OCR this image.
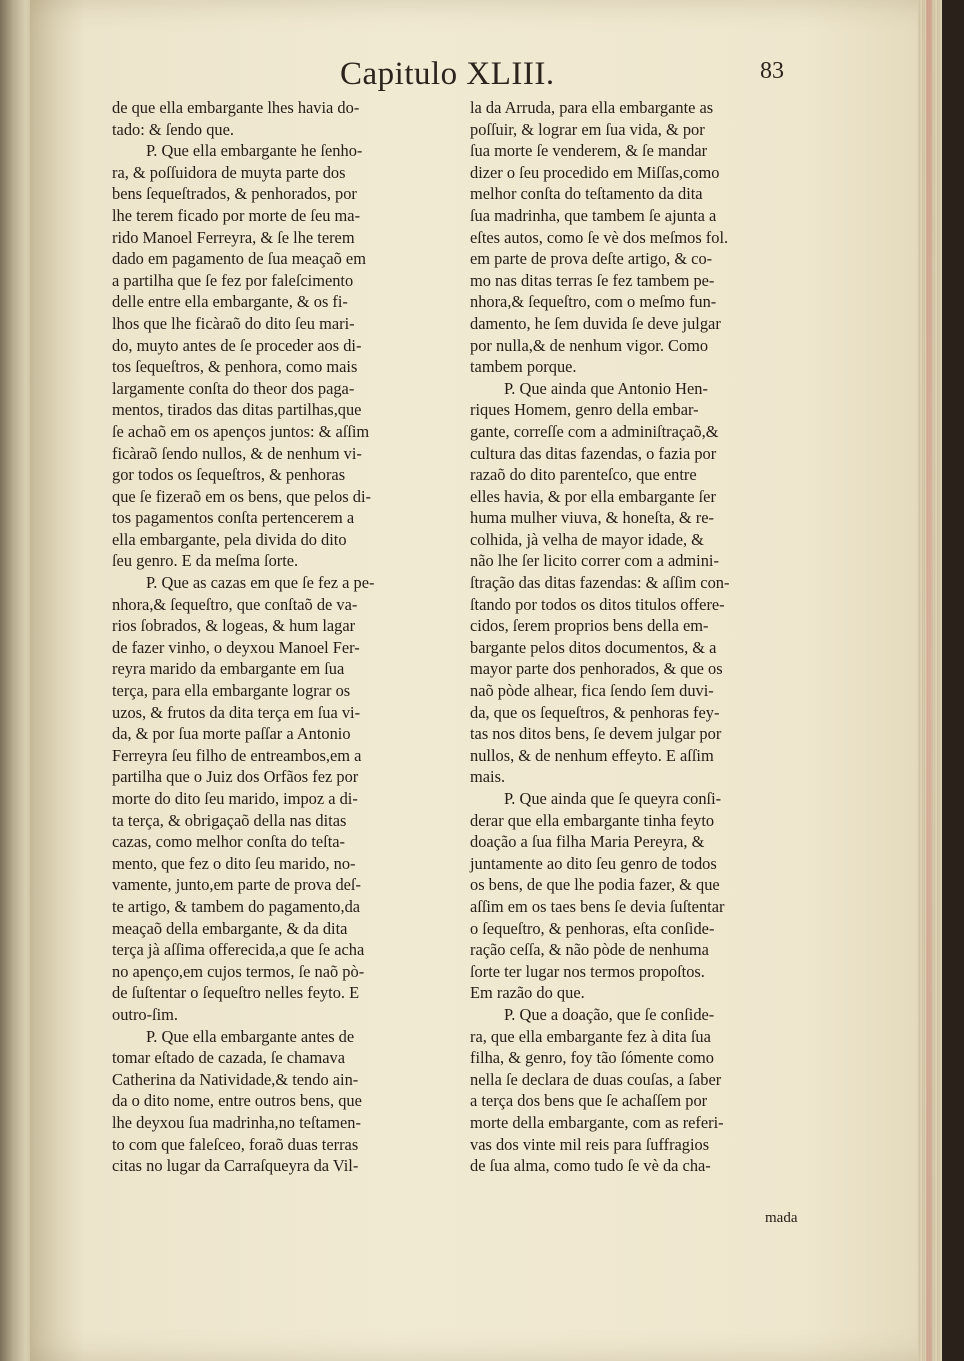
Capitulo XLIII.	83
de que ella embargante lhes havia do-
tado: & ſendo que.
P. Que ella embargante he ſenho-
ra, & poſſuidora de muyta parte dos
bens ſequeſtrados, & penhorados, por
lhe terem ficado por morte de ſeu ma-
rido Manoel Ferreyra, & ſe lhe terem
dado em pagamento de ſua meaçaõ em
a partilha que ſe fez por faleſcimento
delle entre ella embargante, & os fi-
lhos que lhe ficàraõ do dito ſeu mari-
do, muyto antes de ſe proceder aos di-
tos ſequeſtros, & penhora, como mais
largamente conſta do theor dos paga-
mentos, tirados das ditas partilhas,que
ſe achaõ em os apenços juntos: & aſſim
ficàraõ ſendo nullos, & de nenhum vi-
gor todos os ſequeſtros, & penhoras
que ſe fizeraõ em os bens, que pelos di-
tos pagamentos conſta pertencerem a
ella embargante, pela divida do dito
ſeu genro. E da meſma ſorte.
P. Que as cazas em que ſe fez a pe-
nhora,& ſequeſtro, que conſtaõ de va-
rios ſobrados, & logeas, & hum lagar
de fazer vinho, o deyxou Manoel Fer-
reyra marido da embargante em ſua
terça, para ella embargante lograr os
uzos, & frutos da dita terça em ſua vi-
da, & por ſua morte paſſar a Antonio
Ferreyra ſeu filho de entreambos,em a
partilha que o Juiz dos Orfãos fez por
morte do dito ſeu marido, impoz a di-
ta terça, & obrigaçaõ della nas ditas
cazas, como melhor conſta do teſta-
mento, que fez o dito ſeu marido, no-
vamente, junto,em parte de prova deſ-
te artigo, & tambem do pagamento,da
meaçaõ della embargante, & da dita
terça jà aſſima offerecida,a que ſe acha
no apenço,em cujos termos, ſe naõ pò-
de ſuſtentar o ſequeſtro nelles feyto. E
outro-ſim.
P. Que ella embargante antes de
tomar eſtado de cazada, ſe chamava
Catherina da Natividade,& tendo ain-
da o dito nome, entre outros bens, que
lhe deyxou ſua madrinha,no teſtamen-
to com que faleſceo, foraõ duas terras
citas no lugar da Carraſqueyra da Vil-
la da Arruda, para ella embargante as
poſſuir, & lograr em ſua vida, & por
ſua morte ſe venderem, & ſe mandar
dizer o ſeu procedido em Miſſas,como
melhor conſta do teſtamento da dita
ſua madrinha, que tambem ſe ajunta a
eſtes autos, como ſe vè dos meſmos fol.
em parte de prova deſte artigo, & co-
mo nas ditas terras ſe fez tambem pe-
nhora,& ſequeſtro, com o meſmo fun-
damento, he ſem duvida ſe deve julgar
por nulla,& de nenhum vigor. Como
tambem porque.
P. Que ainda que Antonio Hen-
riques Homem, genro della embar-
gante, correſſe com a adminiſtraçaõ,&
cultura das ditas fazendas, o fazia por
razaõ do dito parenteſco, que entre
elles havia, & por ella embargante ſer
huma mulher viuva, & honeſta, & re-
colhida, jà velha de mayor idade, &
não lhe ſer licito correr com a admini-
ſtração das ditas fazendas: & aſſim con-
ſtando por todos os ditos titulos offere-
cidos, ſerem proprios bens della em-
bargante pelos ditos documentos, & a
mayor parte dos penhorados, & que os
naõ pòde alhear, fica ſendo ſem duvi-
da, que os ſequeſtros, & penhoras fey-
tas nos ditos bens, ſe devem julgar por
nullos, & de nenhum effeyto. E aſſim
mais.
P. Que ainda que ſe queyra conſi-
derar que ella embargante tinha feyto
doação a ſua filha Maria Pereyra, &
juntamente ao dito ſeu genro de todos
os bens, de que lhe podia fazer, & que
aſſim em os taes bens ſe devia ſuſtentar
o ſequeſtro, & penhoras, eſta conſide-
ração ceſſa, & não pòde de nenhuma
ſorte ter lugar nos termos propoſtos.
Em razão do que.
P. Que a doação, que ſe conſide-
ra, que ella embargante fez à dita ſua
filha, & genro, foy tão ſómente como
nella ſe declara de duas couſas, a ſaber
a terça dos bens que ſe achaſſem por
morte della embargante, com as referi-
vas dos vinte mil reis para ſuffragios
de ſua alma, como tudo ſe vè da cha-
mada
